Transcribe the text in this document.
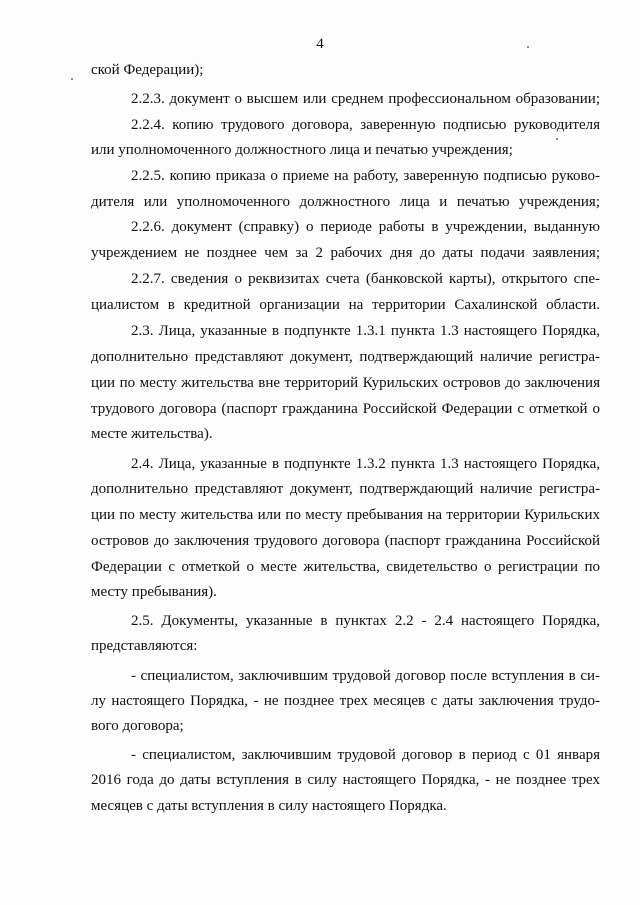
4
ской Федерации);
2.2.3. документ о высшем или среднем профессиональном образовании;
2.2.4. копию трудового договора, заверенную подписью руководителя
или уполномоченного должностного лица и печатью учреждения;
2.2.5. копию приказа о приеме на работу, заверенную подписью руково-
дителя или уполномоченного должностного лица и печатью учреждения;
2.2.6. документ (справку) о периоде работы в учреждении, выданную
учреждением не позднее чем за 2 рабочих дня до даты подачи заявления;
2.2.7. сведения о реквизитах счета (банковской карты), открытого спе-
циалистом в кредитной организации на территории Сахалинской области.
2.3. Лица, указанные в подпункте 1.3.1 пункта 1.3 настоящего Порядка,
дополнительно представляют документ, подтверждающий наличие регистра-
ции по месту жительства вне территорий Курильских островов до заключения
трудового договора (паспорт гражданина Российской Федерации с отметкой о
месте жительства).
2.4. Лица, указанные в подпункте 1.3.2 пункта 1.3 настоящего Порядка,
дополнительно представляют документ, подтверждающий наличие регистра-
ции по месту жительства или по месту пребывания на территории Курильских
островов до заключения трудового договора (паспорт гражданина Российской
Федерации с отметкой о месте жительства, свидетельство о регистрации по
месту пребывания).
2.5. Документы, указанные в пунктах 2.2 - 2.4 настоящего Порядка,
представляются:
- специалистом, заключившим трудовой договор после вступления в си-
лу настоящего Порядка, - не позднее трех месяцев с даты заключения трудо-
вого договора;
- специалистом, заключившим трудовой договор в период с 01 января
2016 года до даты вступления в силу настоящего Порядка, - не позднее трех
месяцев с даты вступления в силу настоящего Порядка.
